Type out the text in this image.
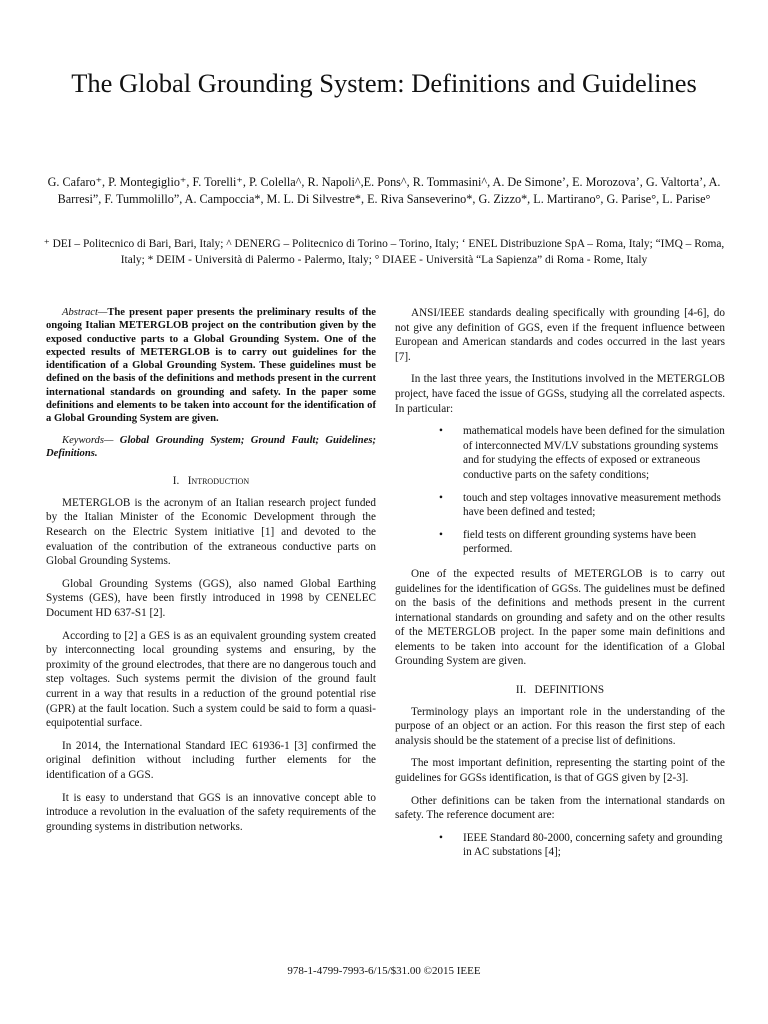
The Global Grounding System: Definitions and Guidelines

G. Cafaro⁺, P. Montegiglio⁺, F. Torelli⁺, P. Colella^, R. Napoli^,E. Pons^, R. Tommasini^, A. De Simone’, E. Morozova’, G. Valtorta’, A. Barresi”, F. Tummolillo”, A. Campoccia*, M. L. Di Silvestre*, E. Riva Sanseverino*, G. Zizzo*, L. Martirano°, G. Parise°, L. Parise°

⁺ DEI – Politecnico di Bari, Bari, Italy; ^ DENERG – Politecnico di Torino – Torino, Italy; ‘ ENEL Distribuzione SpA – Roma, Italy; “IMQ – Roma, Italy; * DEIM - Università di Palermo - Palermo, Italy; ° DIAEE - Università “La Sapienza” di Roma - Rome, Italy

Abstract—The present paper presents the preliminary results of the ongoing Italian METERGLOB project on the contribution given by the exposed conductive parts to a Global Grounding System. One of the expected results of METERGLOB is to carry out guidelines for the identification of a Global Grounding System. These guidelines must be defined on the basis of the definitions and methods present in the current international standards on grounding and safety. In the paper some definitions and elements to be taken into account for the identification of a Global Grounding System are given.

Keywords— Global Grounding System; Ground Fault; Guidelines; Definitions.

I. Introduction

METERGLOB is the acronym of an Italian research project funded by the Italian Minister of the Economic Development through the Research on the Electric System initiative [1] and devoted to the evaluation of the contribution of the extraneous conductive parts on Global Grounding Systems.

Global Grounding Systems (GGS), also named Global Earthing Systems (GES), have been firstly introduced in 1998 by CENELEC Document HD 637-S1 [2].

According to [2] a GES is as an equivalent grounding system created by interconnecting local grounding systems and ensuring, by the proximity of the ground electrodes, that there are no dangerous touch and step voltages. Such systems permit the division of the ground fault current in a way that results in a reduction of the ground potential rise (GPR) at the fault location. Such a system could be said to form a quasi-equipotential surface.

In 2014, the International Standard IEC 61936-1 [3] confirmed the original definition without including further elements for the identification of a GGS.

It is easy to understand that GGS is an innovative concept able to introduce a revolution in the evaluation of the safety requirements of the grounding systems in distribution networks.

ANSI/IEEE standards dealing specifically with grounding [4-6], do not give any definition of GGS, even if the frequent influence between European and American standards and codes occurred in the last years [7].

In the last three years, the Institutions involved in the METERGLOB project, have faced the issue of GGSs, studying all the correlated aspects. In particular:

• mathematical models have been defined for the simulation of interconnected MV/LV substations grounding systems and for studying the effects of exposed or extraneous conductive parts on the safety conditions;
• touch and step voltages innovative measurement methods have been defined and tested;
• field tests on different grounding systems have been performed.

One of the expected results of METERGLOB is to carry out guidelines for the identification of GGSs. The guidelines must be defined on the basis of the definitions and methods present in the current international standards on grounding and safety and on the other results of the METERGLOB project. In the paper some main definitions and elements to be taken into account for the identification of a Global Grounding System are given.

II. DEFINITIONS

Terminology plays an important role in the understanding of the purpose of an object or an action. For this reason the first step of each analysis should be the statement of a precise list of definitions.

The most important definition, representing the starting point of the guidelines for GGSs identification, is that of GGS given by [2-3].

Other definitions can be taken from the international standards on safety. The reference document are:

• IEEE Standard 80-2000, concerning safety and grounding in AC substations [4];

978-1-4799-7993-6/15/$31.00 ©2015 IEEE
